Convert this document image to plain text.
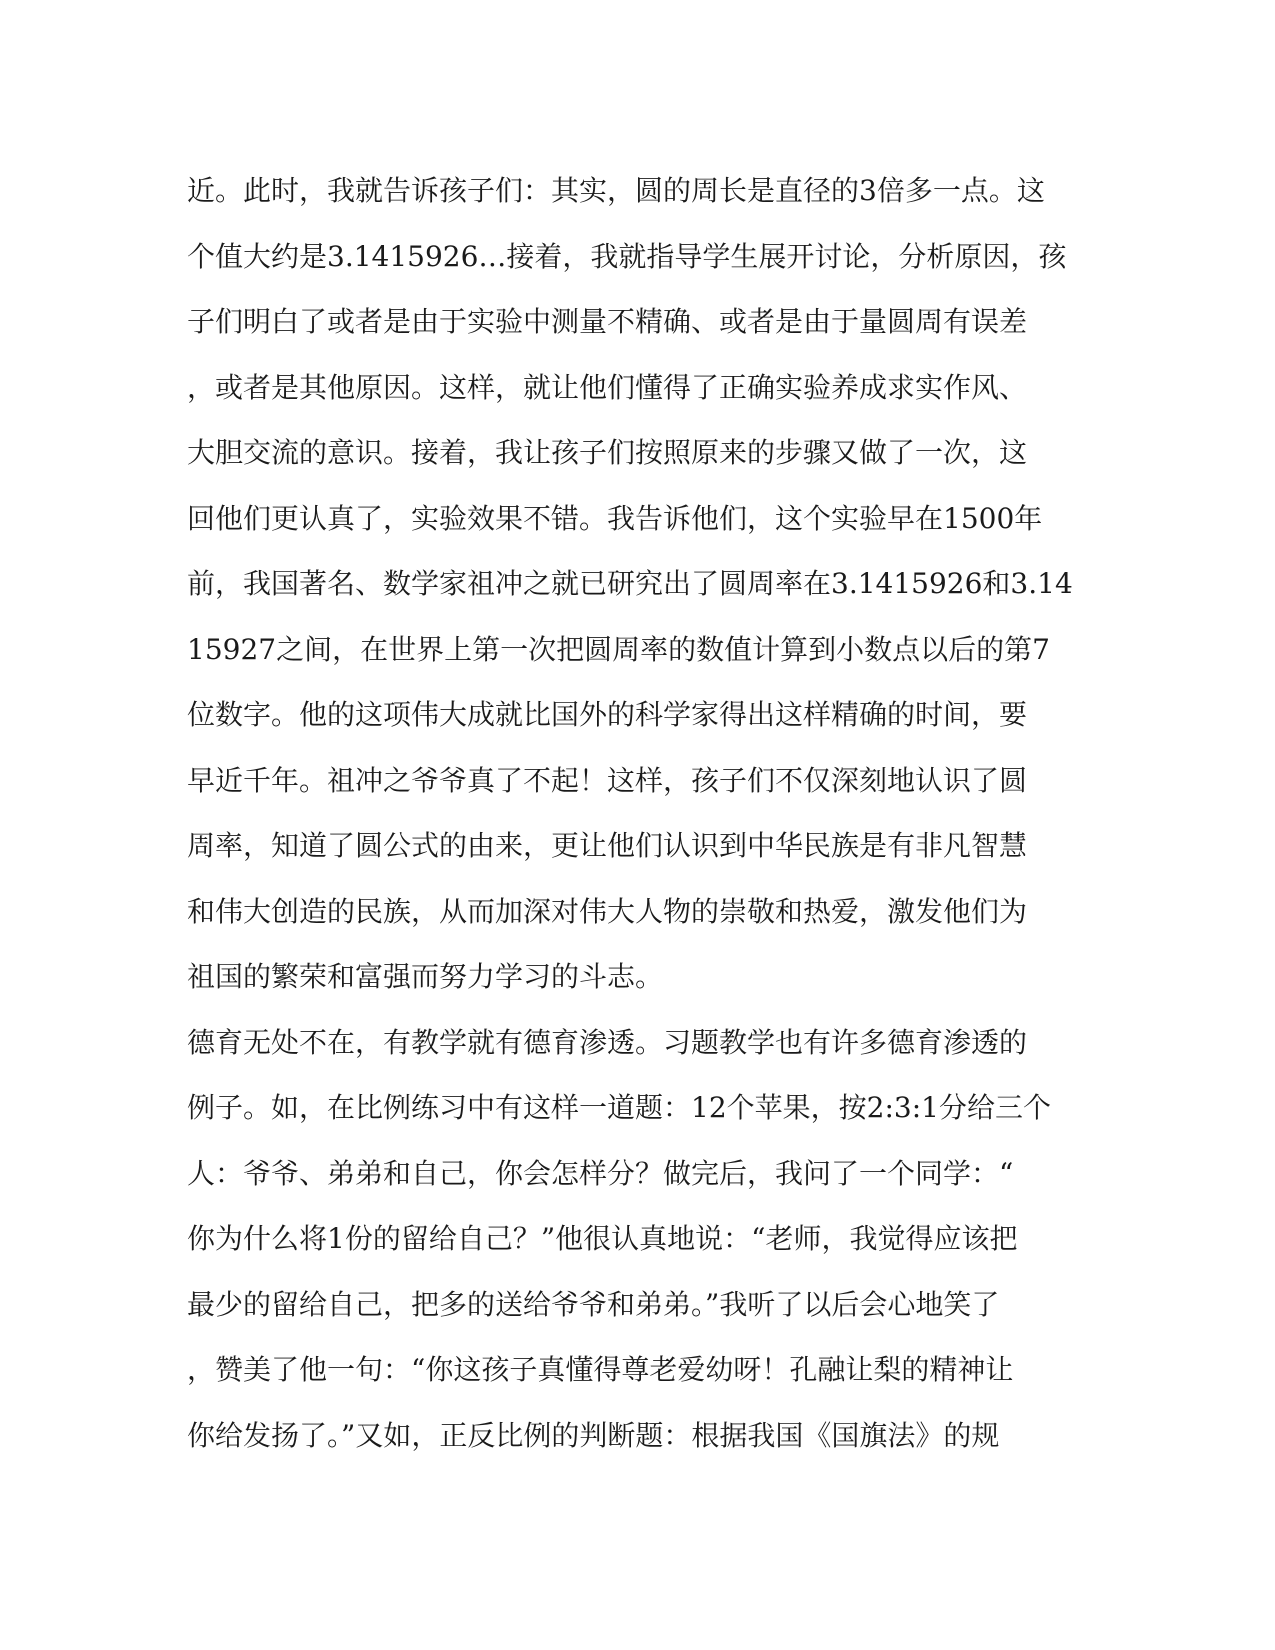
近。此时，我就告诉孩子们：其实，圆的周长是直径的3倍多一点。这
个值大约是3.1415926…接着，我就指导学生展开讨论，分析原因，孩
子们明白了或者是由于实验中测量不精确、或者是由于量圆周有误差
，或者是其他原因。这样，就让他们懂得了正确实验养成求实作风、
大胆交流的意识。接着，我让孩子们按照原来的步骤又做了一次，这
回他们更认真了，实验效果不错。我告诉他们，这个实验早在1500年
前，我国著名、数学家祖冲之就已研究出了圆周率在3.1415926和3.14
15927之间，在世界上第一次把圆周率的数值计算到小数点以后的第7
位数字。他的这项伟大成就比国外的科学家得出这样精确的时间，要
早近千年。祖冲之爷爷真了不起！这样，孩子们不仅深刻地认识了圆
周率，知道了圆公式的由来，更让他们认识到中华民族是有非凡智慧
和伟大创造的民族，从而加深对伟大人物的崇敬和热爱，激发他们为
祖国的繁荣和富强而努力学习的斗志。
德育无处不在，有教学就有德育渗透。习题教学也有许多德育渗透的
例子。如，在比例练习中有这样一道题：12个苹果，按2:3:1分给三个
人：爷爷、弟弟和自己，你会怎样分？做完后，我问了一个同学：“
你为什么将1份的留给自己？”他很认真地说：“老师，我觉得应该把
最少的留给自己，把多的送给爷爷和弟弟。”我听了以后会心地笑了
，赞美了他一句：“你这孩子真懂得尊老爱幼呀！孔融让梨的精神让
你给发扬了。”又如，正反比例的判断题：根据我国《国旗法》的规
